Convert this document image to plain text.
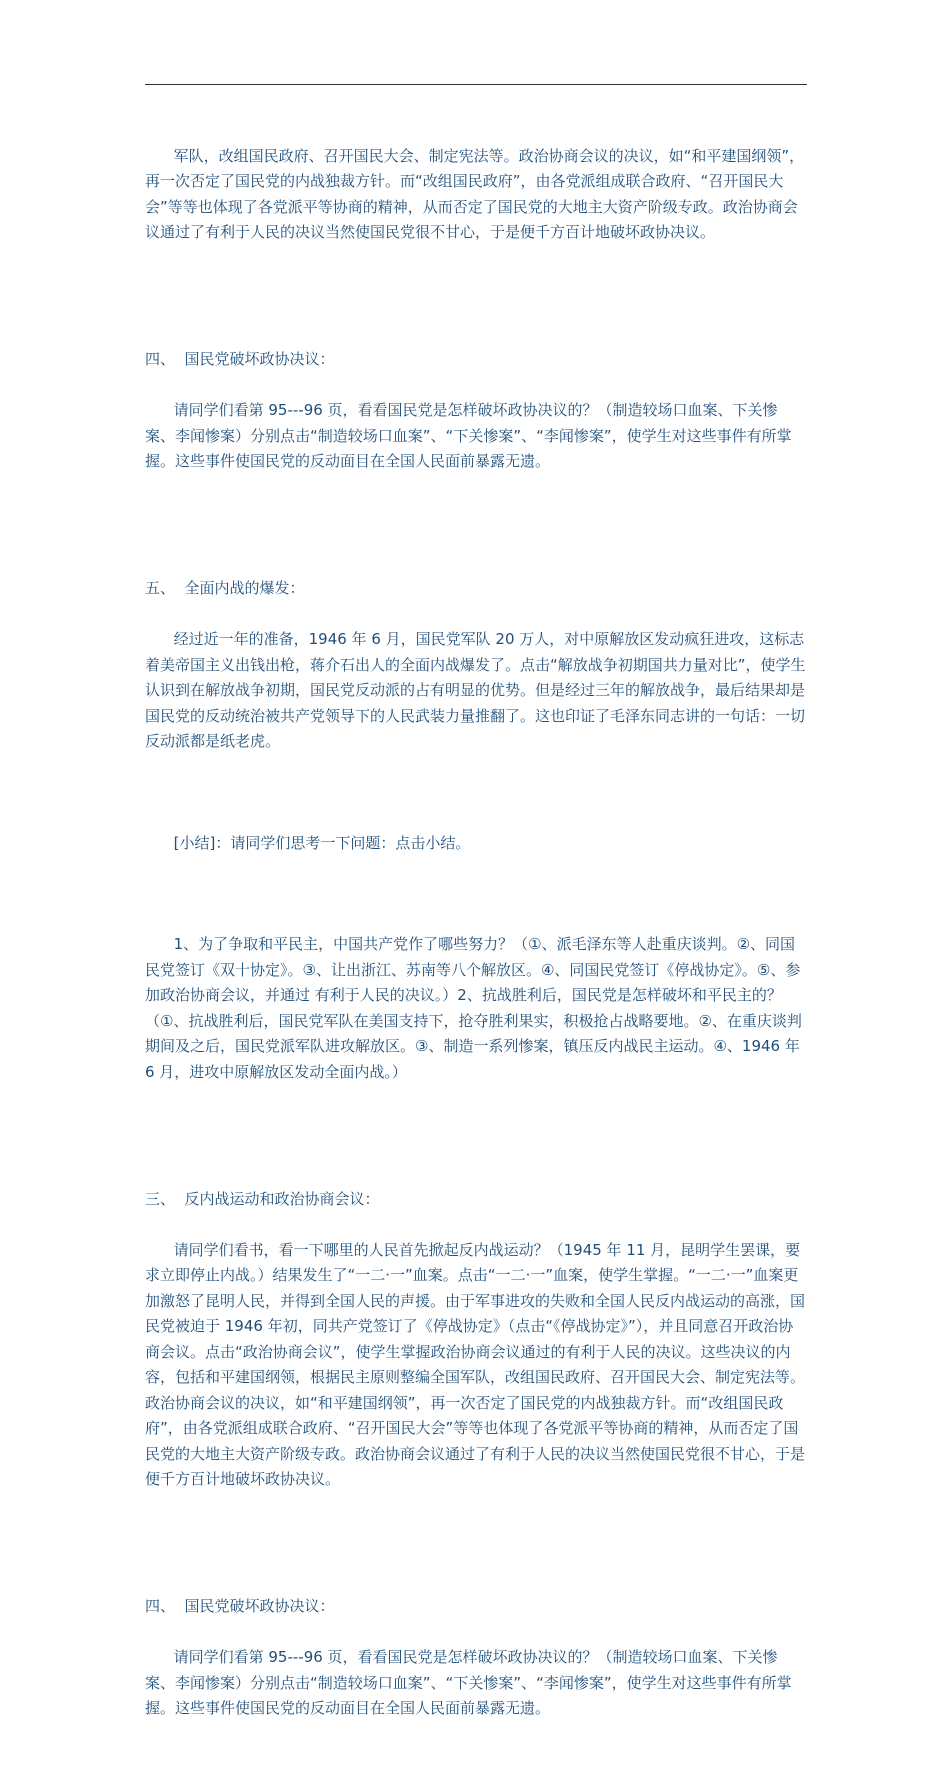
军队，改组国民政府、召开国民大会、制定宪法等。政治协商会议的决议，如“和平建国纲领”，再一次否定了国民党的内战独裁方针。而“改组国民政府”，由各党派组成联合政府、“召开国民大会”等等也体现了各党派平等协商的精神，从而否定了国民党的大地主大资产阶级专政。政治协商会议通过了有利于人民的决议当然使国民党很不甘心，于是便千方百计地破坏政协决议。

四、  国民党破坏政协决议：

请同学们看第 95---96 页，看看国民党是怎样破坏政协决议的？（制造较场口血案、下关惨案、李闻惨案）分别点击“制造较场口血案”、“下关惨案”、“李闻惨案”，使学生对这些事件有所掌握。这些事件使国民党的反动面目在全国人民面前暴露无遗。

五、  全面内战的爆发：

经过近一年的准备，1946 年 6 月，国民党军队 20 万人，对中原解放区发动疯狂进攻，这标志着美帝国主义出钱出枪，蒋介石出人的全面内战爆发了。点击“解放战争初期国共力量对比”，使学生认识到在解放战争初期，国民党反动派的占有明显的优势。但是经过三年的解放战争，最后结果却是国民党的反动统治被共产党领导下的人民武装力量推翻了。这也印证了毛泽东同志讲的一句话：一切反动派都是纸老虎。

[小结]：请同学们思考一下问题：点击小结。

1、为了争取和平民主，中国共产党作了哪些努力？（①、派毛泽东等人赴重庆谈判。②、同国民党签订《双十协定》。③、让出浙江、苏南等八个解放区。④、同国民党签订《停战协定》。⑤、参加政治协商会议，并通过 有利于人民的决议。）2、抗战胜利后，国民党是怎样破坏和平民主的？（①、抗战胜利后，国民党军队在美国支持下，抢夺胜利果实，积极抢占战略要地。②、在重庆谈判期间及之后，国民党派军队进攻解放区。③、制造一系列惨案，镇压反内战民主运动。④、1946 年 6 月，进攻中原解放区发动全面内战。）

三、  反内战运动和政治协商会议：

请同学们看书，看一下哪里的人民首先掀起反内战运动？（1945 年 11 月，昆明学生罢课，要求立即停止内战。）结果发生了“一二·一”血案。点击“一二·一”血案，使学生掌握。“一二·一”血案更加激怒了昆明人民，并得到全国人民的声援。由于军事进攻的失败和全国人民反内战运动的高涨，国民党被迫于 1946 年初，同共产党签订了《停战协定》（点击“《停战协定》”），并且同意召开政治协商会议。点击“政治协商会议”，使学生掌握政治协商会议通过的有利于人民的决议。这些决议的内容，包括和平建国纲领，根据民主原则整编全国军队，改组国民政府、召开国民大会、制定宪法等。政治协商会议的决议，如“和平建国纲领”，再一次否定了国民党的内战独裁方针。而“改组国民政府”，由各党派组成联合政府、“召开国民大会”等等也体现了各党派平等协商的精神，从而否定了国民党的大地主大资产阶级专政。政治协商会议通过了有利于人民的决议当然使国民党很不甘心，于是便千方百计地破坏政协决议。

四、  国民党破坏政协决议：

请同学们看第 95---96 页，看看国民党是怎样破坏政协决议的？（制造较场口血案、下关惨案、李闻惨案）分别点击“制造较场口血案”、“下关惨案”、“李闻惨案”，使学生对这些事件有所掌握。这些事件使国民党的反动面目在全国人民面前暴露无遗。
